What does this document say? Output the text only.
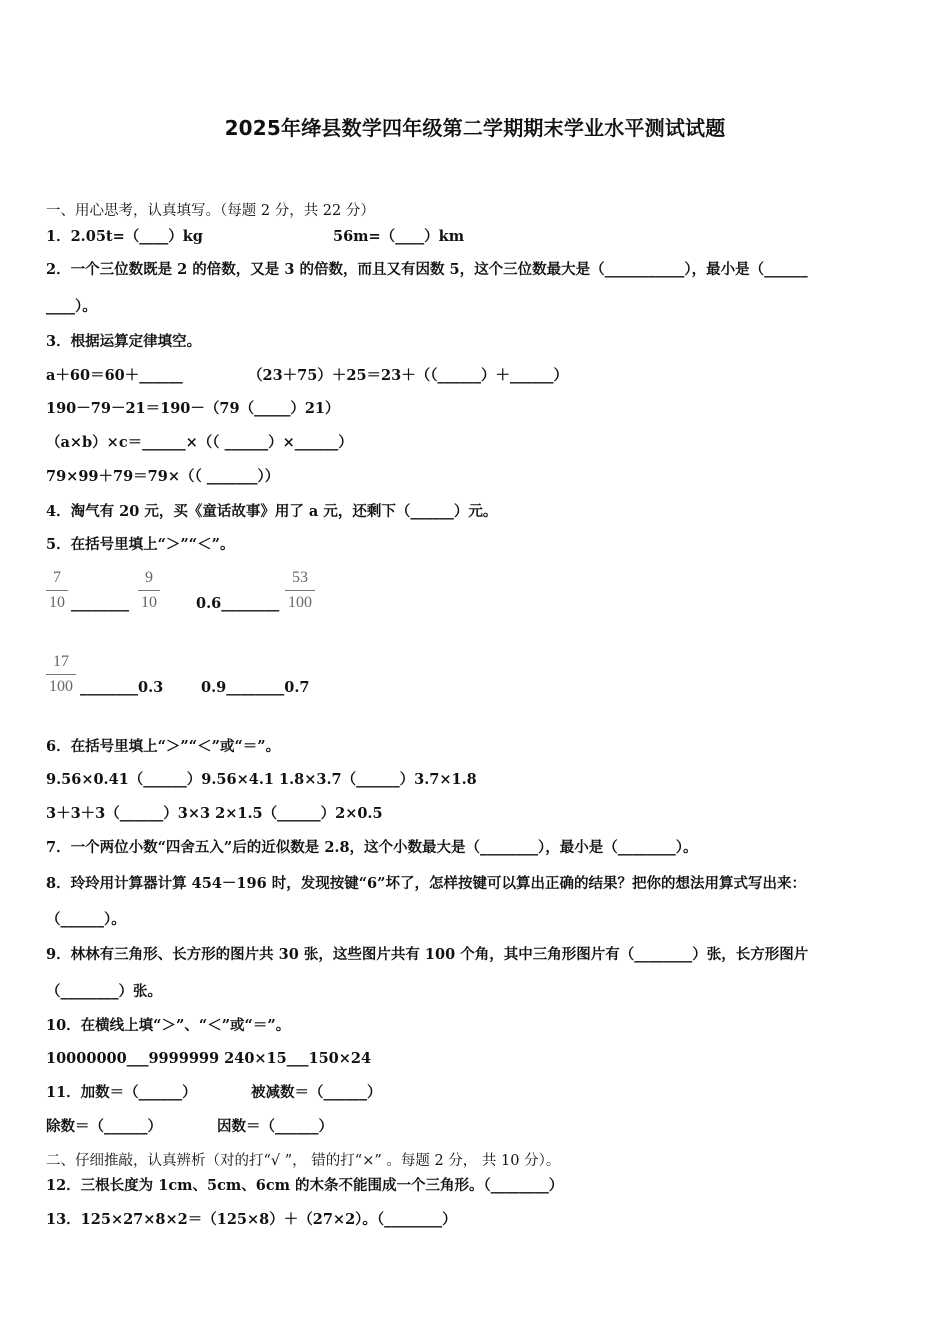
2025年绛县数学四年级第二学期期末学业水平测试试题
一、用心思考，认真填写。（每题 2 分，共 22 分）
1．2.05t=（____）kg	56m=（____）km
2．一个三位数既是 2 的倍数，又是 3 的倍数，而且又有因数 5，这个三位数最大是（___________），最小是（______
____）。
3．根据运算定律填空。
a＋60＝60＋______	（23＋75）＋25＝23＋（（______）＋______）
190－79－21＝190－（79（_____）21）
（a×b）×c＝______×（（ ______）×______）
79×99＋79＝79×（（ _______））
4．淘气有 20 元，买《童话故事》用了 a 元，还剩下（______）元。
5．在括号里填上“＞”“＜”。
$\frac{7}{10}$ ________ $\frac{9}{10}$ 0.6________ $\frac{53}{100}$
$\frac{17}{100}$ ________0.3	0.9________0.7
6．在括号里填上“＞”“＜”或“＝”。
9.56×0.41（______）9.56×4.1 1.8×3.7（______）3.7×1.8
3＋3＋3（______）3×3 2×1.5（______）2×0.5
7．一个两位小数“四舍五入”后的近似数是 2.8，这个小数最大是（________），最小是（________）。
8．玲玲用计算器计算 454－196 时，发现按键“6”坏了，怎样按键可以算出正确的结果？把你的想法用算式写出来：
（______）。
9．林林有三角形、长方形的图片共 30 张，这些图片共有 100 个角，其中三角形图片有（________）张，长方形图片
（________）张。
10．在横线上填“＞”、“＜”或“＝”。
10000000___9999999 240×15___150×24
11．加数＝（______）	被减数＝（______）
除数＝（______）	因数＝（______）
二、仔细推敲，认真辨析（对的打“√ ”， 错的打“×” 。每题 2 分， 共 10 分）。
12．三根长度为 1cm、5cm、6cm 的木条不能围成一个三角形。（________）
13．125×27×8×2＝（125×8）＋（27×2）。（________）
